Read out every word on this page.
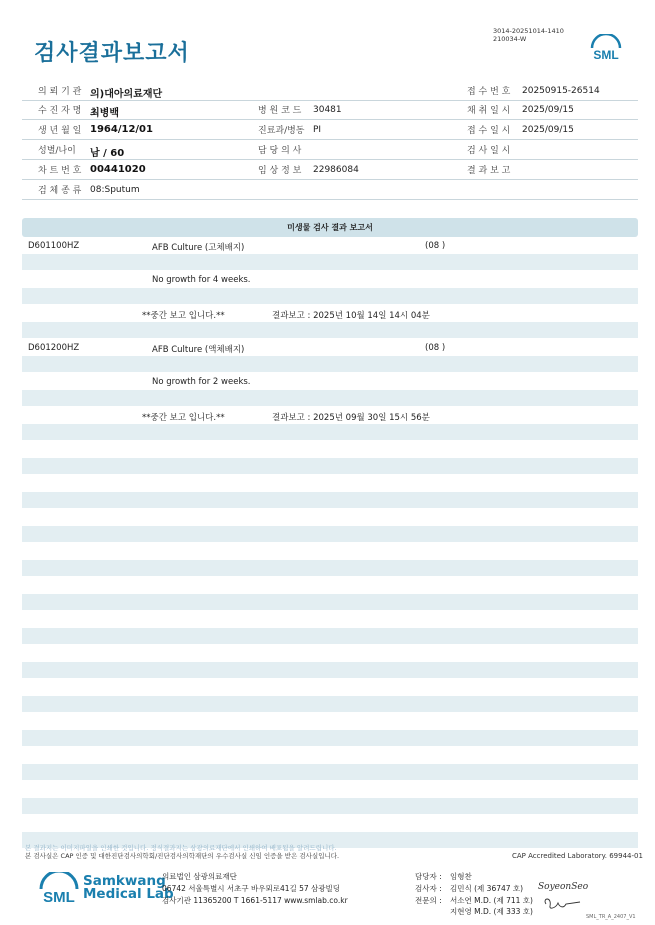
검사결과보고서
3014-20251014-1410
210034-W
SML
의 뢰 기 관 의)대아의료재단	접 수 번 호 20250915-26514
수 진 자 명 최병백	병 원 코 드 30481	채 취 일 시 2025/09/15
생 년 월 일 1964/12/01	진료과/병동 PI	접 수 일 시 2025/09/15
성별/나이 남 / 60	담 당 의 사	검 사 일 시
차 트 번 호 00441020	임 상 정 보 22986084	결 과 보 고
검 체 종 류 08:Sputum
미생물 검사 결과 보고서
D601100HZ	AFB Culture (고체배지)	(08 )
No growth for 4 weeks.
**중간 보고 입니다.**	결과보고 : 2025년 10월 14일 14시 04분
D601200HZ	AFB Culture (액체배지)	(08 )
No growth for 2 weeks.
**중간 보고 입니다.**	결과보고 : 2025년 09월 30일 15시 56분
본 결과지는 이미지파일을 인쇄한 것입니다. 정식결과지는 삼광의료재단에서 인쇄하여 배포됨을 알려드립니다.
본 검사실은 CAP 인증 및 대한진단검사의학회/진단검사의학재단의 우수검사실 신임 인증을 받은 검사실입니다.	CAP Accredited Laboratory. 69944-01
SML
Samkwang
Medical Lab
의료법인 삼광의료재단
06742 서울특별시 서초구 바우뫼로41길 57 삼광빌딩
검사기관 11365200 T 1661-5117 www.smlab.co.kr
담당자 : 임형찬
검사자 : 김민식 (제 36747 호)
전문의 : 서소연 M.D. (제 711 호)
지현영 M.D. (제 333 호)
SoyeonSeo
SML_TR_A_2407_V1
